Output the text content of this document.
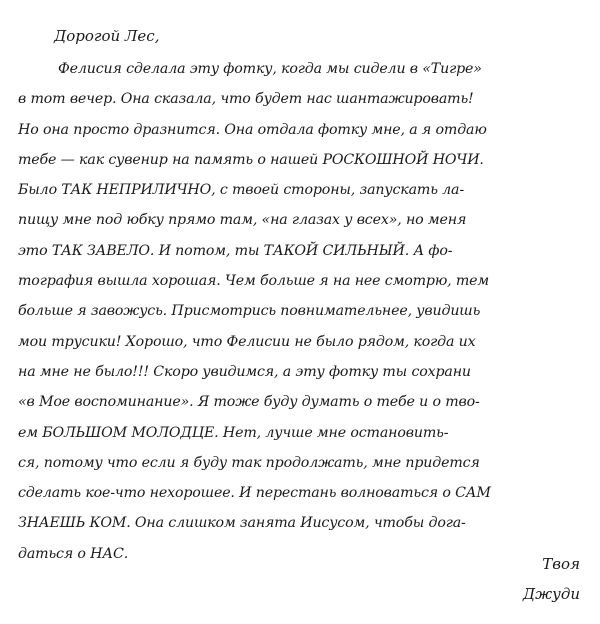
Дорогой Лес,

Фелисия сделала эту фотку, когда мы сидели в «Тигре»
в тот вечер. Она сказала, что будет нас шантажировать!
Но она просто дразнится. Она отдала фотку мне, а я отдаю
тебе — как сувенир на память о нашей РОСКОШНОЙ НОЧИ.
Было ТАК НЕПРИЛИЧНО, с твоей стороны, запускать ла-
пищу мне под юбку прямо там, «на глазах у всех», но меня
это ТАК ЗАВЕЛО. И потом, ты ТАКОЙ СИЛЬНЫЙ. А фо-
тография вышла хорошая. Чем больше я на нее смотрю, тем
больше я завожусь. Присмотрись повнимательнее, увидишь
мои трусики! Хорошо, что Фелисии не было рядом, когда их
на мне не было!!! Скоро увидимся, а эту фотку ты сохрани
«в Мое воспоминание». Я тоже буду думать о тебе и о тво-
ем БОЛЬШОМ МОЛОДЦЕ. Нет, лучше мне остановить-
ся, потому что если я буду так продолжать, мне придется
сделать кое-что нехорошее. И перестань волноваться о САМ
ЗНАЕШЬ КОМ. Она слишком занята Иисусом, чтобы дога-
даться о НАС.

Твоя

Джуди
